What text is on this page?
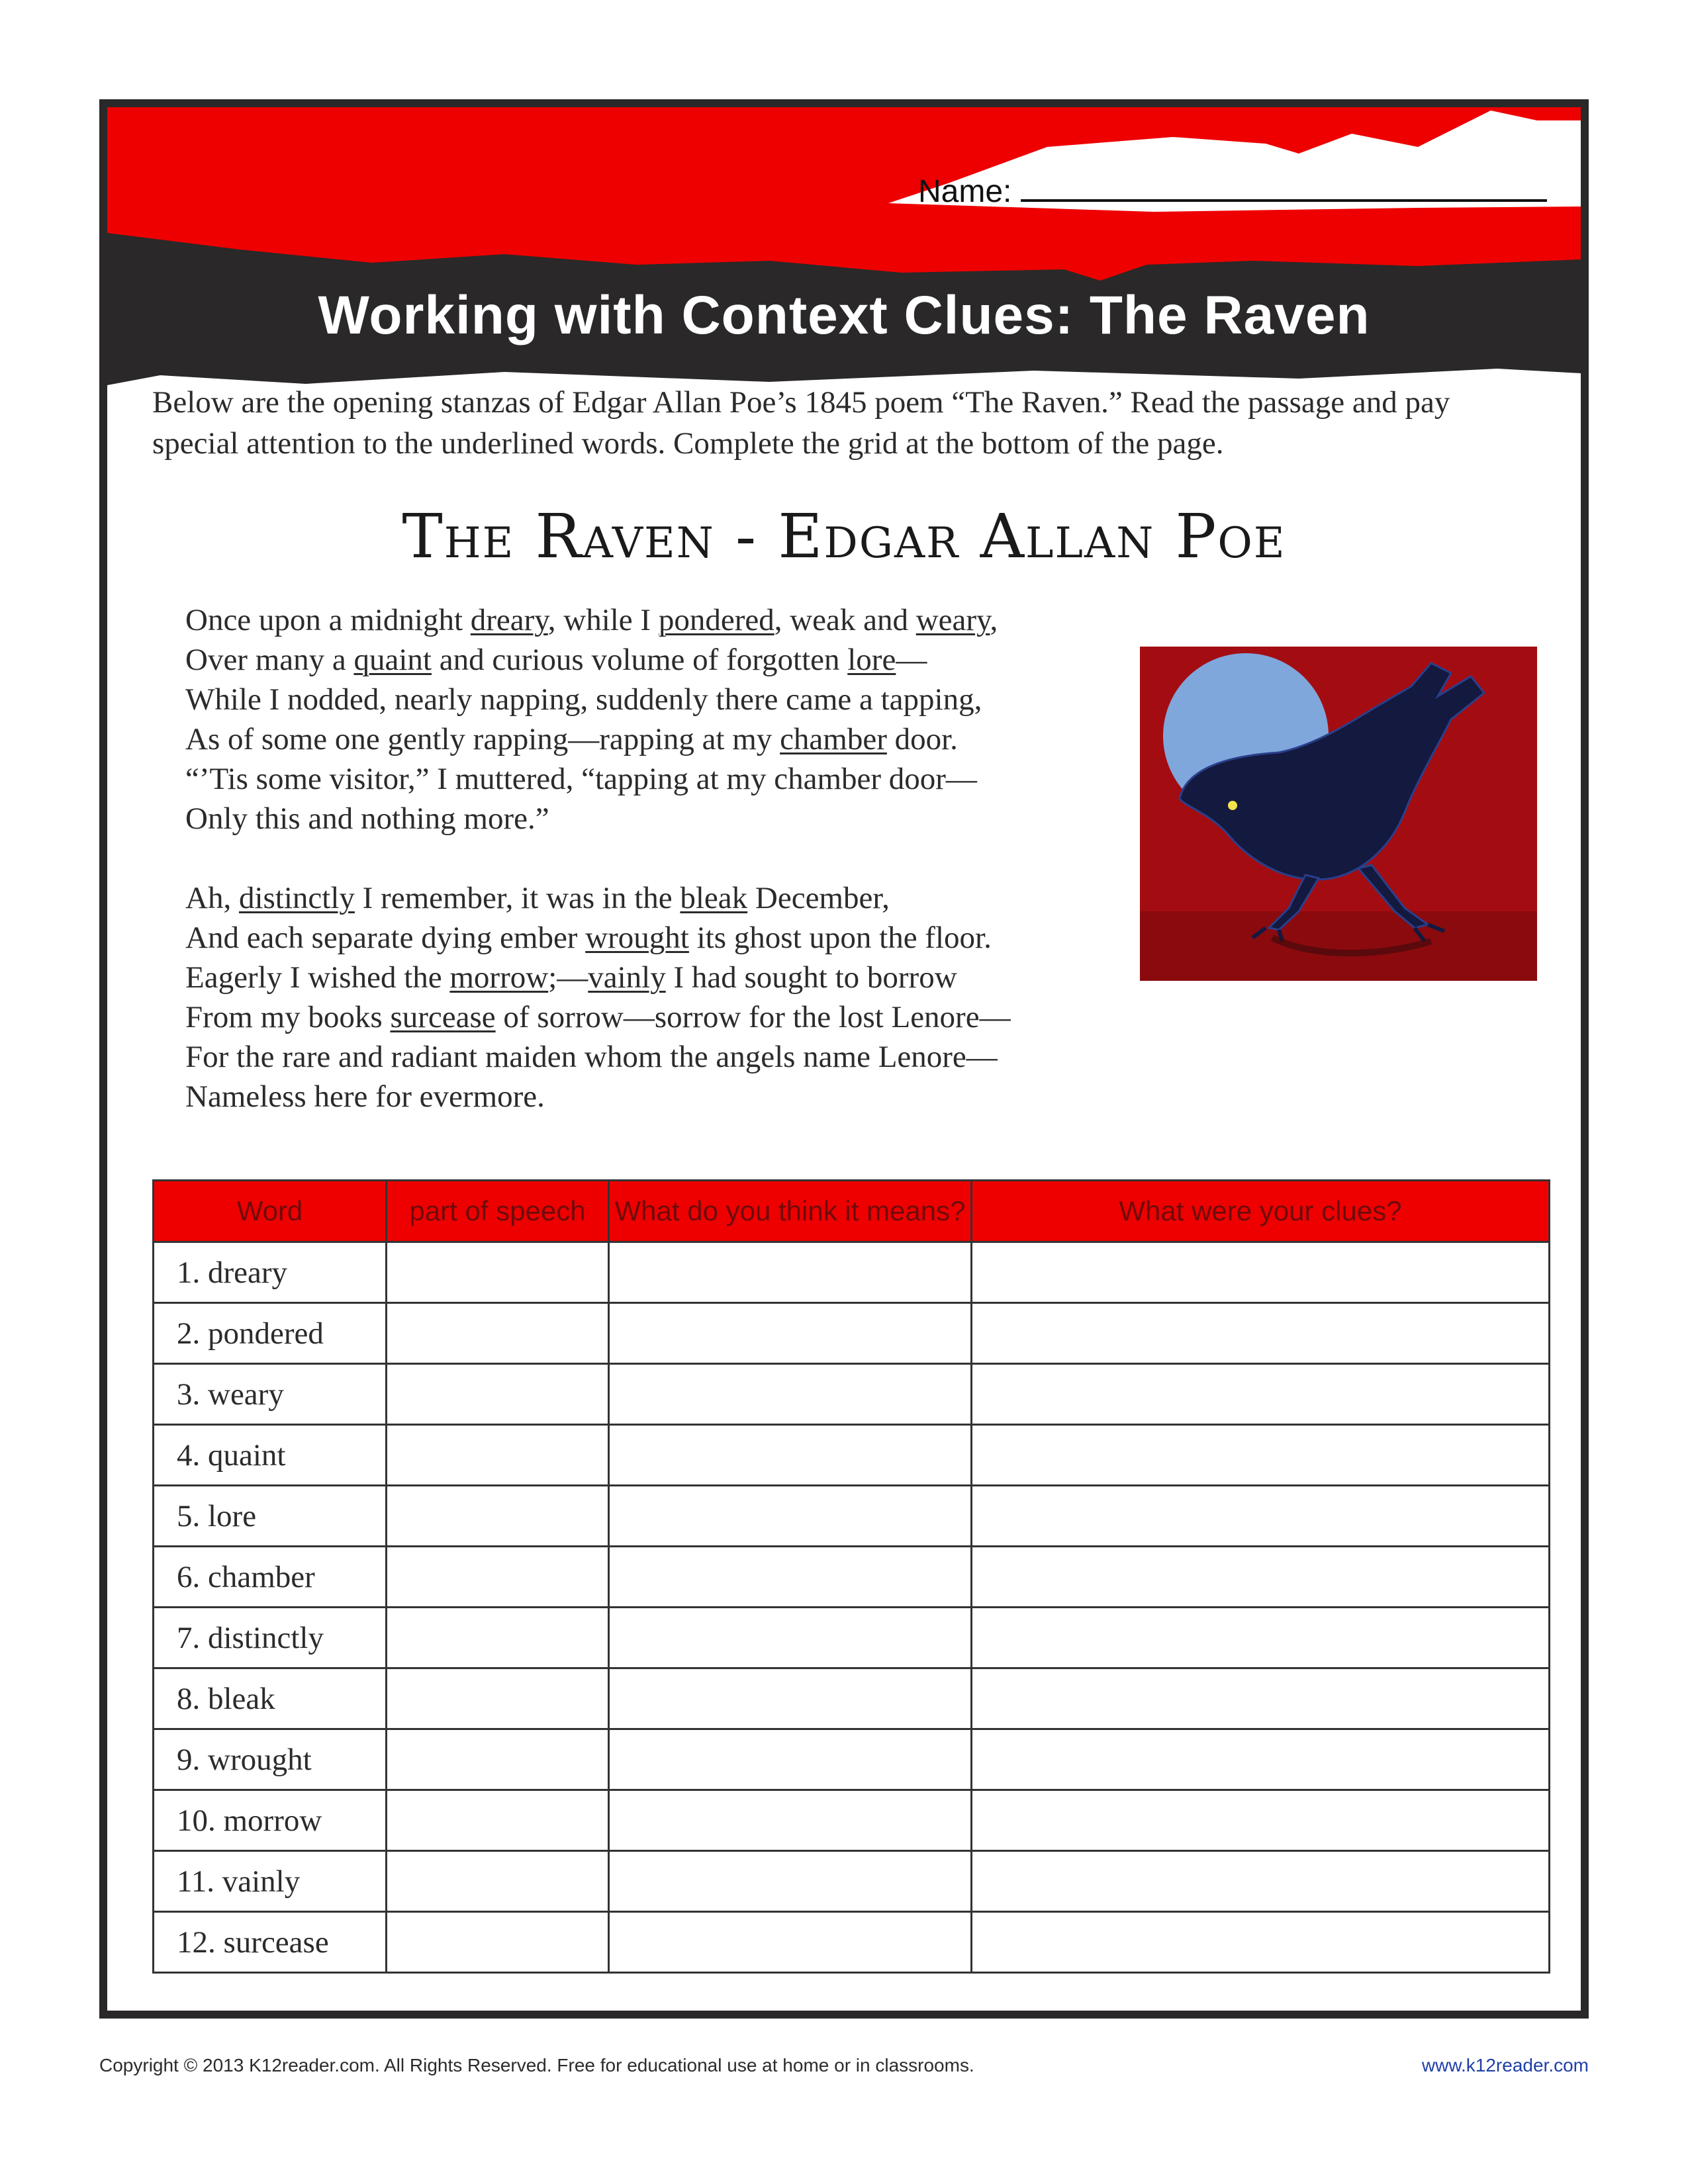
Name:
Working with Context Clues: The Raven
Below are the opening stanzas of Edgar Allan Poe’s 1845 poem “The Raven.” Read the passage and pay special attention to the underlined words. Complete the grid at the bottom of the page.
The Raven - Edgar Allan Poe
Once upon a midnight dreary, while I pondered, weak and weary,
Over many a quaint and curious volume of forgotten lore—
While I nodded, nearly napping, suddenly there came a tapping,
As of some one gently rapping—rapping at my chamber door.
“’Tis some visitor,” I muttered, “tapping at my chamber door—
Only this and nothing more.”
Ah, distinctly I remember, it was in the bleak December,
And each separate dying ember wrought its ghost upon the floor.
Eagerly I wished the morrow;—vainly I had sought to borrow
From my books surcease of sorrow—sorrow for the lost Lenore—
For the rare and radiant maiden whom the angels name Lenore—
Nameless here for evermore.
Word	part of speech	What do you think it means?	What were your clues?
1. dreary			
2. pondered			
3. weary			
4. quaint			
5. lore			
6. chamber			
7. distinctly			
8. bleak			
9. wrought			
10. morrow			
11. vainly			
12. surcease			
Copyright © 2013 K12reader.com. All Rights Reserved. Free for educational use at home or in classrooms.	www.k12reader.com
